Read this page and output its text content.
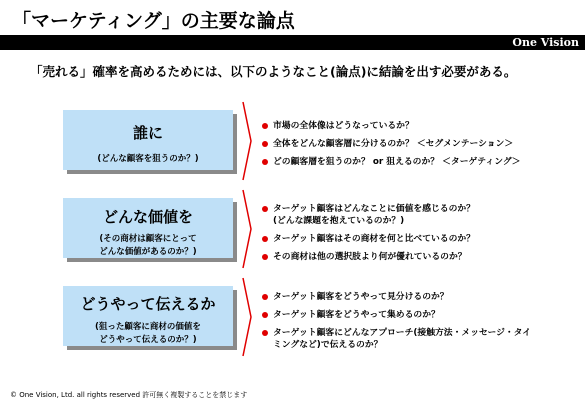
「マーケティング」の主要な論点
One Vision
「売れる」確率を高めるためには、以下のようなこと(論点)に結論を出す必要がある。
誰に
(どんな顧客を狙うのか？)
市場の全体像はどうなっているか？
全体をどんな顧客層に分けるのか？ ＜セグメンテーション＞
どの顧客層を狙うのか？ or 狙えるのか？ ＜ターゲティング＞
どんな価値を
(その商材は顧客にとって
どんな価値があるのか？)
ターゲット顧客はどんなことに価値を感じるのか？
(どんな課題を抱えているのか？)
ターゲット顧客はその商材を何と比べているのか？
その商材は他の選択肢より何が優れているのか？
どうやって伝えるか
(狙った顧客に商材の価値を
どうやって伝えるのか？)
ターゲット顧客をどうやって見分けるのか？
ターゲット顧客をどうやって集めるのか？
ターゲット顧客にどんなアプローチ(接触方法・メッセージ・タイ
ミングなど)で伝えるのか？
© One Vision, Ltd. all rights reserved 許可無く複製することを禁じます
